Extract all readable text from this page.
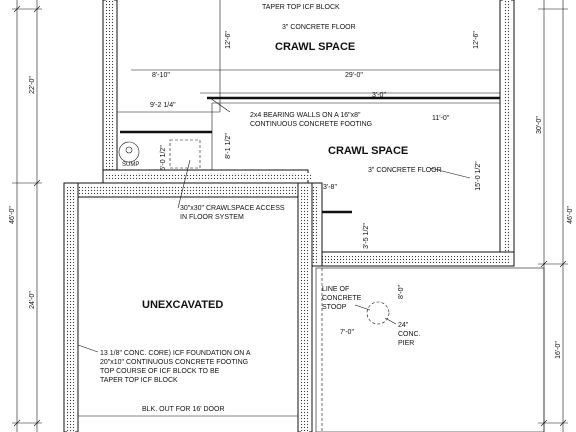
22'-0"
46'-0"
24'-0"
30'-0"
46'-0"
16'-0"
TAPER TOP ICF BLOCK
3" CONCRETE FLOOR
CRAWL SPACE
CRAWL SPACE
3" CONCRETE FLOOR
2x4 BEARING WALLS ON A 16"x8"
CONTINUOUS CONCRETE FOOTING
30"x30" CRAWLSPACE ACCESS
IN FLOOR SYSTEM
SUMP
UNEXCAVATED
LINE OF
CONCRETE
STOOP
24"
CONC.
PIER
13 1/8" CONC. CORE) ICF FOUNDATION ON A
20"x10" CONTINUOUS CONCRETE FOOTING
TOP COURSE OF ICF BLOCK TO BE
TAPER TOP ICF BLOCK
BLK. OUT FOR 16' DOOR
8'-10"	29'-0"
9'-2 1/4"
3'-0"
11'-0"
3'-8"
7'-0"
12'-6"	12'-6"
8'-1 1/2"
5'-0 1/2"
15'-0 1/2"
3'-5 1/2"
8'-0"
